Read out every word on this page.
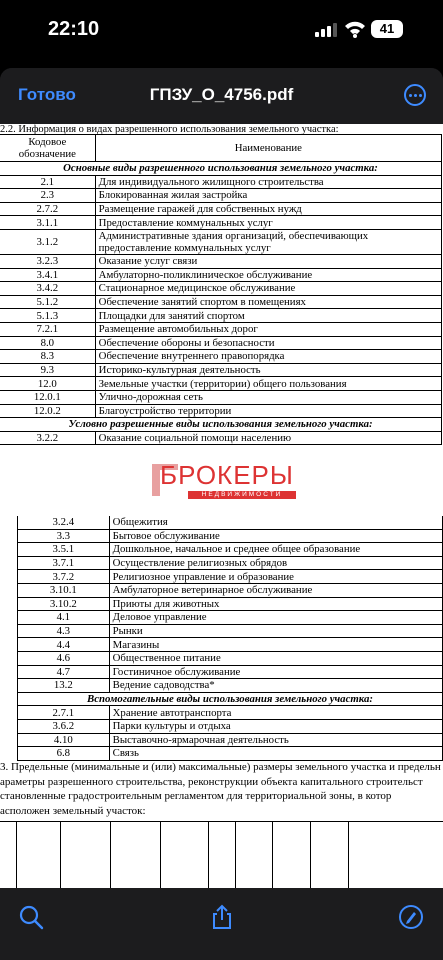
22:10	41
Готово	ГПЗУ_О_4756.pdf
2.2. Информация о видах разрешенного использования земельного участка:
Кодовое обозначение	Наименование
Основные виды разрешенного использования земельного участка:	
2.1	Для индивидуального жилищного строительства
2.3	Блокированная жилая застройка
2.7.2	Размещение гаражей для собственных нужд
3.1.1	Предоставление коммунальных услуг
3.1.2	Административные здания организаций, обеспечивающих предоставление коммунальных услуг
3.2.3	Оказание услуг связи
3.4.1	Амбулаторно-поликлиническое обслуживание
3.4.2	Стационарное медицинское обслуживание
5.1.2	Обеспечение занятий спортом в помещениях
5.1.3	Площадки для занятий спортом
7.2.1	Размещение автомобильных дорог
8.0	Обеспечение обороны и безопасности
8.3	Обеспечение внутреннего правопорядка
9.3	Историко-культурная деятельность
12.0	Земельные участки (территории) общего пользования
12.0.1	Улично-дорожная сеть
12.0.2	Благоустройство территории
Условно разрешенные виды использования земельного участка:	
3.2.2	Оказание социальной помощи населению
БРОКЕРЫ
НЕДВИЖИМОСТИ
3.2.4	Общежития
3.3	Бытовое обслуживание
3.5.1	Дошкольное, начальное и среднее общее образование
3.7.1	Осуществление религиозных обрядов
3.7.2	Религиозное управление и образование
3.10.1	Амбулаторное ветеринарное обслуживание
3.10.2	Приюты для животных
4.1	Деловое управление
4.3	Рынки
4.4	Магазины
4.6	Общественное питание
4.7	Гостиничное обслуживание
13.2	Ведение садоводства*
Вспомогательные виды использования земельного участка:	
2.7.1	Хранение автотранспорта
3.6.2	Парки культуры и отдыха
4.10	Выставочно-ярмарочная деятельность
6.8	Связь
3. Предельные (минимальные и (или) максимальные) размеры земельного участка и предельн
араметры разрешенного строительства, реконструкции объекта капитального строительст
становленные градостроительным регламентом для территориальной зоны, в котор
асположен земельный участок:
